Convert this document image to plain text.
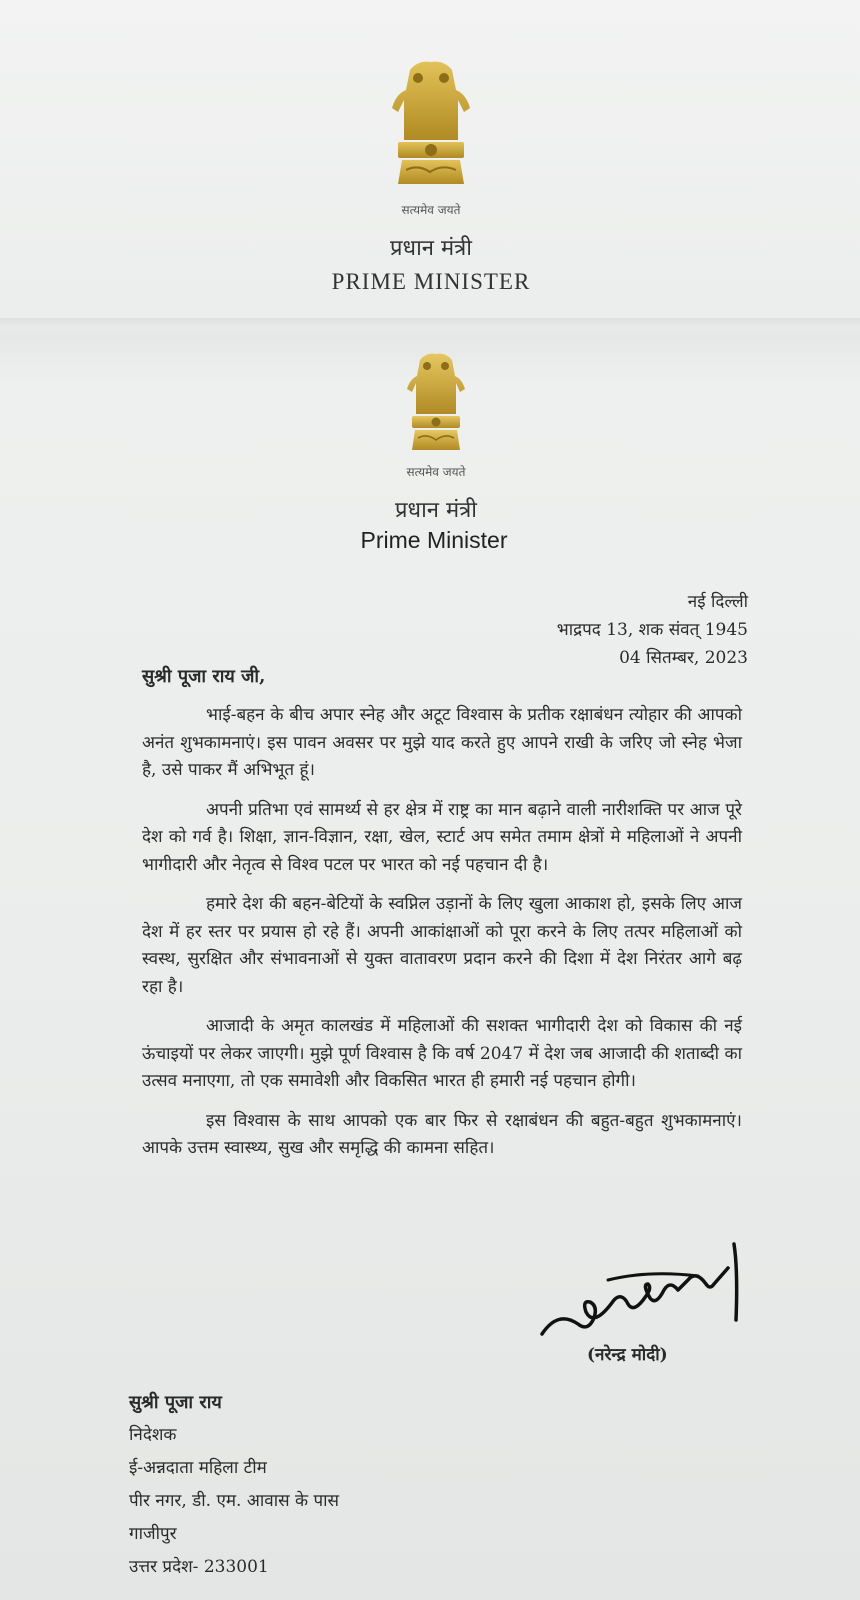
सत्यमेव जयते
प्रधान मंत्री
PRIME MINISTER
सत्यमेव जयते
प्रधान मंत्री
Prime Minister
नई दिल्ली
भाद्रपद 13, शक संवत् 1945
04 सितम्बर, 2023
सुश्री पूजा राय जी,

भाई-बहन के बीच अपार स्नेह और अटूट विश्वास के प्रतीक रक्षाबंधन त्योहार की आपको अनंत शुभकामनाएं। इस पावन अवसर पर मुझे याद करते हुए आपने राखी के जरिए जो स्नेह भेजा है, उसे पाकर मैं अभिभूत हूं।

अपनी प्रतिभा एवं सामर्थ्य से हर क्षेत्र में राष्ट्र का मान बढ़ाने वाली नारीशक्ति पर आज पूरे देश को गर्व है। शिक्षा, ज्ञान-विज्ञान, रक्षा, खेल, स्टार्ट अप समेत तमाम क्षेत्रों मे महिलाओं ने अपनी भागीदारी और नेतृत्व से विश्व पटल पर भारत को नई पहचान दी है।

हमारे देश की बहन-बेटियों के स्वप्निल उड़ानों के लिए खुला आकाश हो, इसके लिए आज देश में हर स्तर पर प्रयास हो रहे हैं। अपनी आकांक्षाओं को पूरा करने के लिए तत्पर महिलाओं को स्वस्थ, सुरक्षित और संभावनाओं से युक्त वातावरण प्रदान करने की दिशा में देश निरंतर आगे बढ़ रहा है।

आजादी के अमृत कालखंड में महिलाओं की सशक्त भागीदारी देश को विकास की नई ऊंचाइयों पर लेकर जाएगी। मुझे पूर्ण विश्वास है कि वर्ष 2047 में देश जब आजादी की शताब्दी का उत्सव मनाएगा, तो एक समावेशी और विकसित भारत ही हमारी नई पहचान होगी।

इस विश्वास के साथ आपको एक बार फिर से रक्षाबंधन की बहुत-बहुत शुभकामनाएं। आपके उत्तम स्वास्थ्य, सुख और समृद्धि की कामना सहित।

(नरेन्द्र मोदी)
सुश्री पूजा राय
निदेशक
ई-अन्नदाता महिला टीम
पीर नगर, डी. एम. आवास के पास
गाजीपुर
उत्तर प्रदेश- 233001
